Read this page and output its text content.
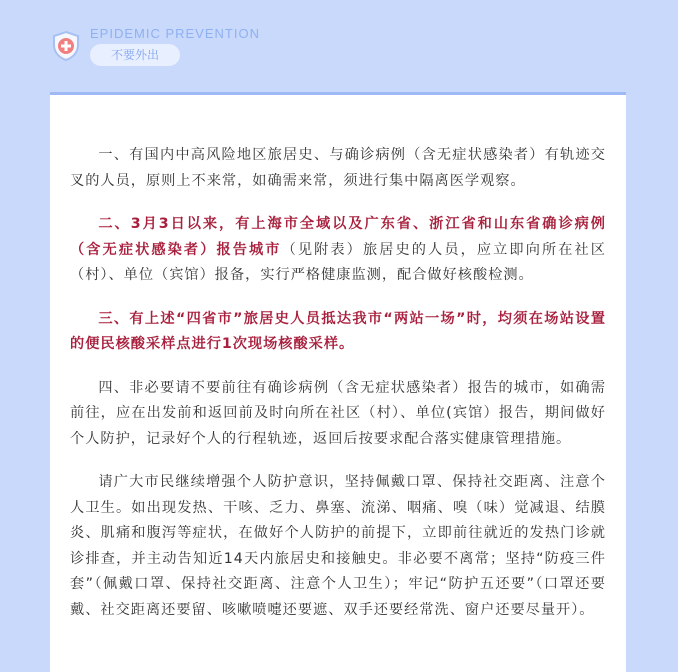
EPIDEMIC PREVENTION
不要外出

一、有国内中高风险地区旅居史、与确诊病例（含无症状感染者）有轨迹交叉的人员，原则上不来常，如确需来常，须进行集中隔离医学观察。

二、3月3日以来，有上海市全域以及广东省、浙江省和山东省确诊病例（含无症状感染者）报告城市（见附表）旅居史的人员，应立即向所在社区（村）、单位（宾馆）报备，实行严格健康监测，配合做好核酸检测。

三、有上述“四省市”旅居史人员抵达我市“两站一场”时，均须在场站设置的便民核酸采样点进行1次现场核酸采样。

四、非必要请不要前往有确诊病例（含无症状感染者）报告的城市，如确需前往，应在出发前和返回前及时向所在社区（村）、单位(宾馆）报告，期间做好个人防护，记录好个人的行程轨迹，返回后按要求配合落实健康管理措施。

请广大市民继续增强个人防护意识，坚持佩戴口罩、保持社交距离、注意个人卫生。如出现发热、干咳、乏力、鼻塞、流涕、咽痛、嗅（味）觉减退、结膜炎、肌痛和腹泻等症状，在做好个人防护的前提下，立即前往就近的发热门诊就诊排查，并主动告知近14天内旅居史和接触史。非必要不离常；坚持“防疫三件套”（佩戴口罩、保持社交距离、注意个人卫生）；牢记“防护五还要”（口罩还要戴、社交距离还要留、咳嗽喷嚏还要遮、双手还要经常洗、窗户还要尽量开）。
